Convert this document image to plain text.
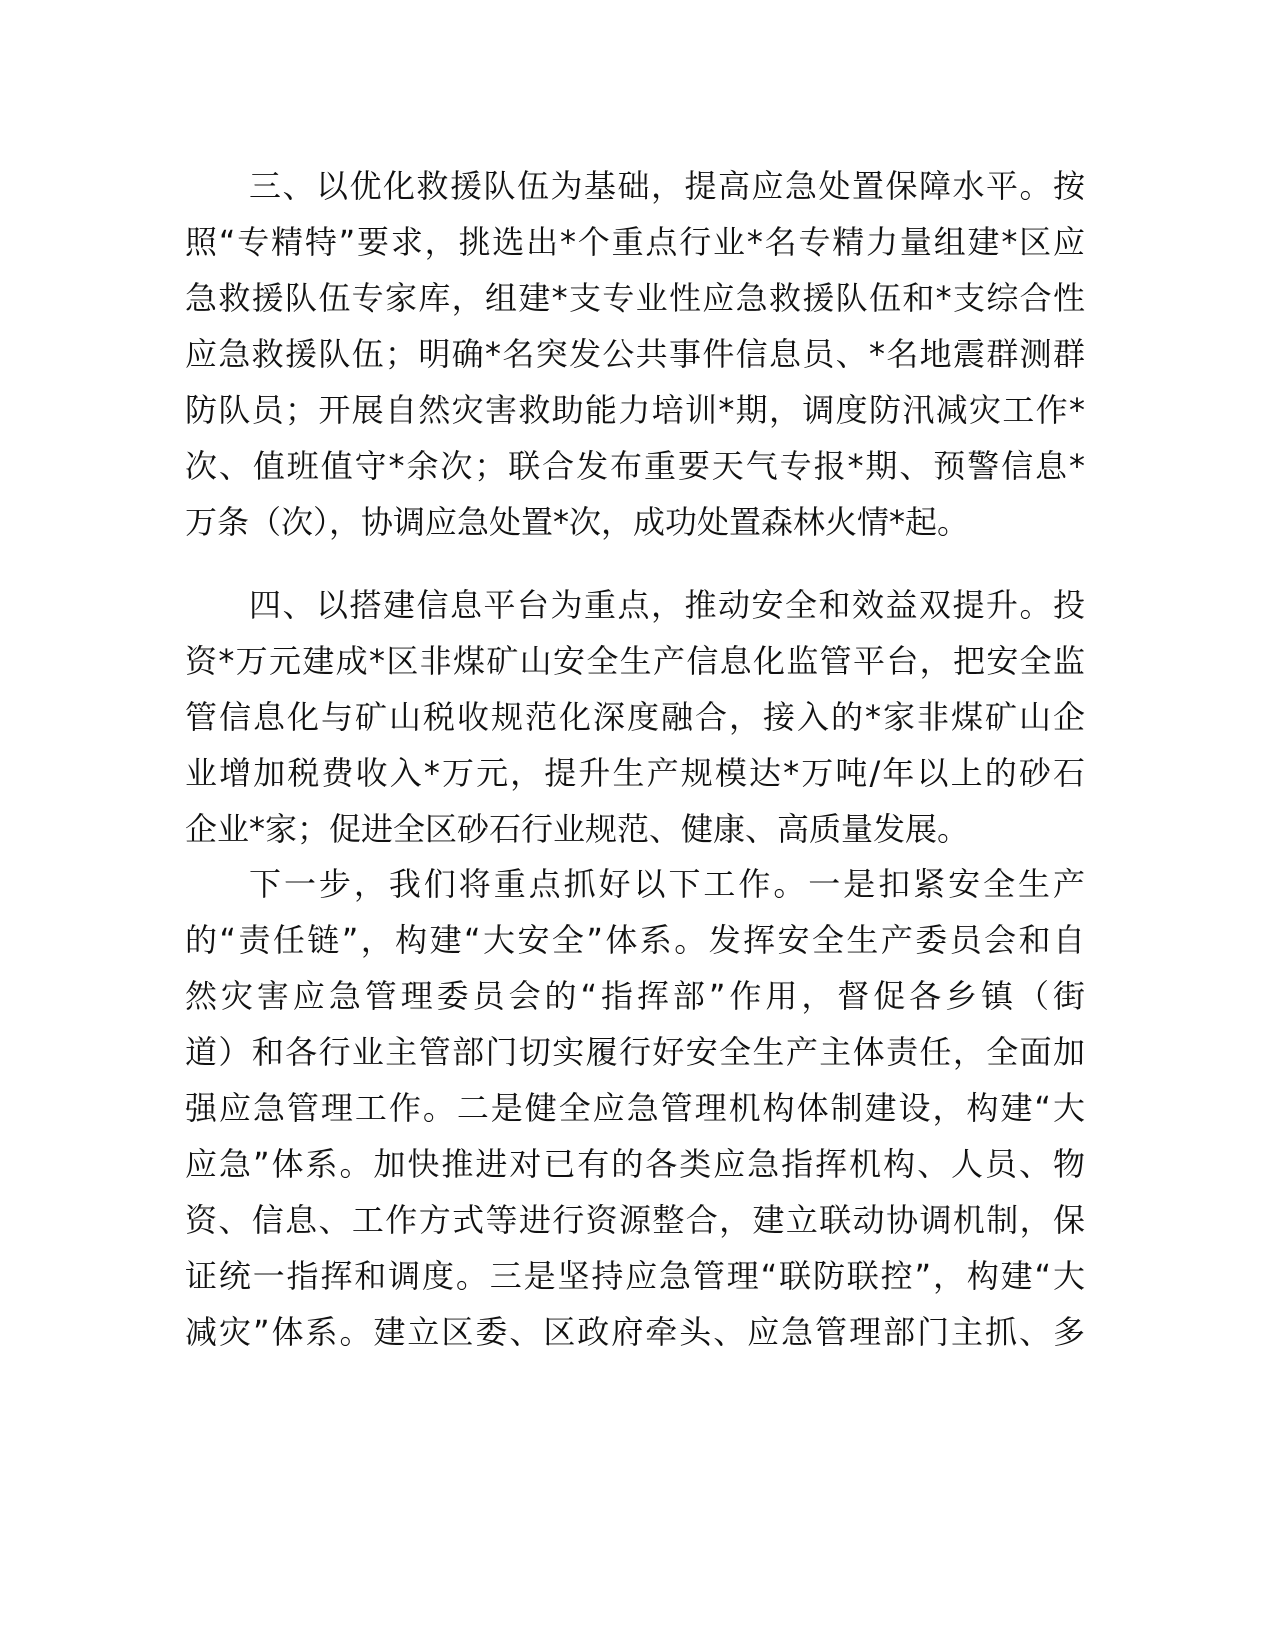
三、以优化救援队伍为基础，提高应急处置保障水平。按
照“专精特”要求，挑选出*个重点行业*名专精力量组建*区应
急救援队伍专家库，组建*支专业性应急救援队伍和*支综合性
应急救援队伍；明确*名突发公共事件信息员、*名地震群测群
防队员；开展自然灾害救助能力培训*期，调度防汛减灾工作*
次、值班值守*余次；联合发布重要天气专报*期、预警信息*
万条（次），协调应急处置*次，成功处置森林火情*起。
四、以搭建信息平台为重点，推动安全和效益双提升。投
资*万元建成*区非煤矿山安全生产信息化监管平台，把安全监
管信息化与矿山税收规范化深度融合，接入的*家非煤矿山企
业增加税费收入*万元，提升生产规模达*万吨/年以上的砂石
企业*家；促进全区砂石行业规范、健康、高质量发展。
下一步，我们将重点抓好以下工作。一是扣紧安全生产
的“责任链”，构建“大安全”体系。发挥安全生产委员会和自
然灾害应急管理委员会的“指挥部”作用，督促各乡镇（街
道）和各行业主管部门切实履行好安全生产主体责任，全面加
强应急管理工作。二是健全应急管理机构体制建设，构建“大
应急”体系。加快推进对已有的各类应急指挥机构、人员、物
资、信息、工作方式等进行资源整合，建立联动协调机制，保
证统一指挥和调度。三是坚持应急管理“联防联控”，构建“大
减灾”体系。建立区委、区政府牵头、应急管理部门主抓、多
